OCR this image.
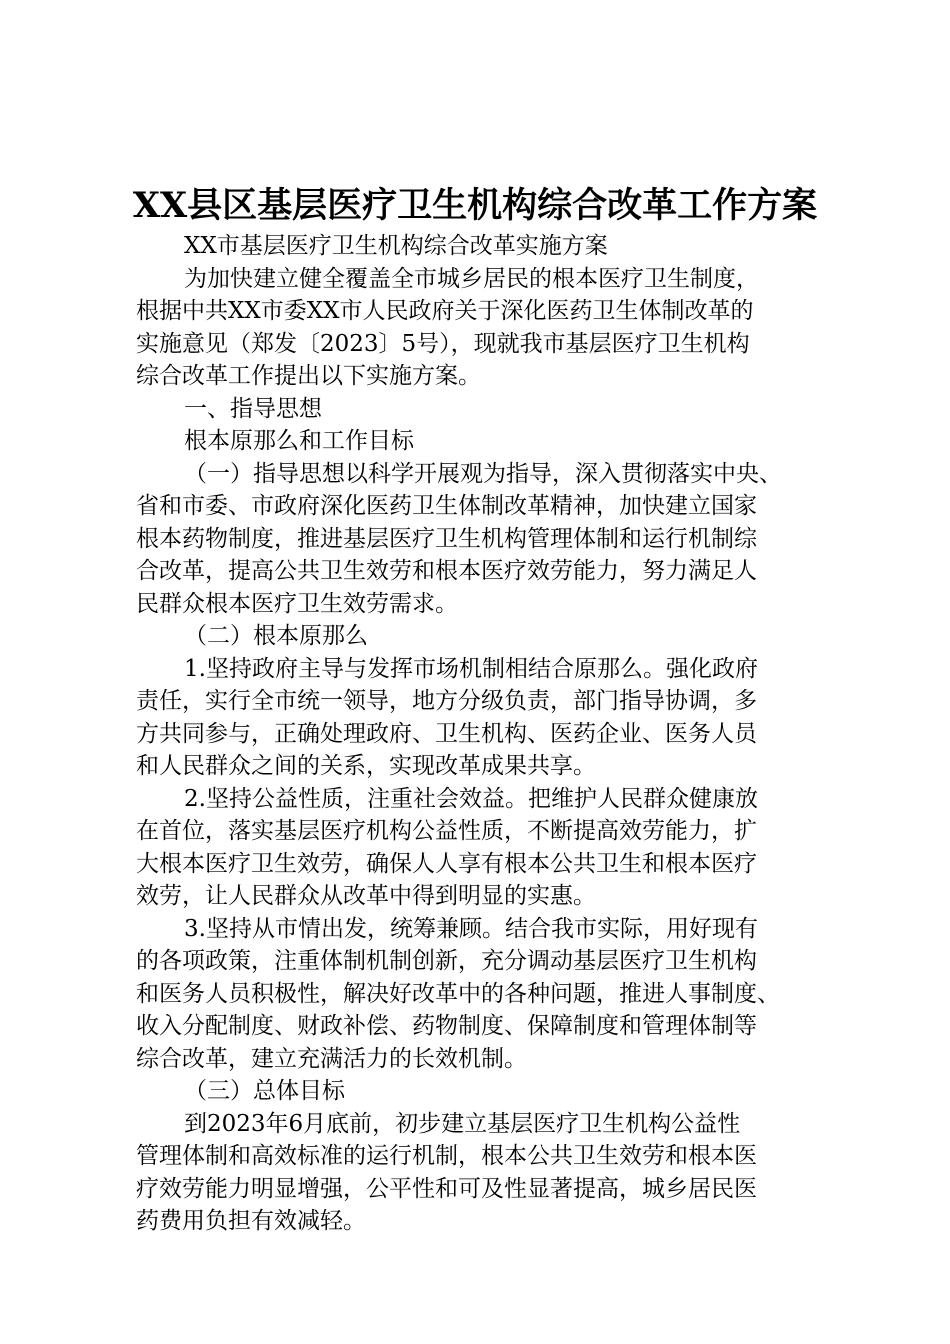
XX县区基层医疗卫生机构综合改革工作方案
XX市基层医疗卫生机构综合改革实施方案
为加快建立健全覆盖全市城乡居民的根本医疗卫生制度，
根据中共XX市委XX市人民政府关于深化医药卫生体制改革的
实施意见（郑发〔2023〕5号），现就我市基层医疗卫生机构
综合改革工作提出以下实施方案。
一、指导思想
根本原那么和工作目标
（一）指导思想以科学开展观为指导，深入贯彻落实中央、
省和市委、市政府深化医药卫生体制改革精神，加快建立国家
根本药物制度，推进基层医疗卫生机构管理体制和运行机制综
合改革，提高公共卫生效劳和根本医疗效劳能力，努力满足人
民群众根本医疗卫生效劳需求。
（二）根本原那么
1.坚持政府主导与发挥市场机制相结合原那么。强化政府
责任，实行全市统一领导，地方分级负责，部门指导协调，多
方共同参与，正确处理政府、卫生机构、医药企业、医务人员
和人民群众之间的关系，实现改革成果共享。
2.坚持公益性质，注重社会效益。把维护人民群众健康放
在首位，落实基层医疗机构公益性质，不断提高效劳能力，扩
大根本医疗卫生效劳，确保人人享有根本公共卫生和根本医疗
效劳，让人民群众从改革中得到明显的实惠。
3.坚持从市情出发，统筹兼顾。结合我市实际，用好现有
的各项政策，注重体制机制创新，充分调动基层医疗卫生机构
和医务人员积极性，解决好改革中的各种问题，推进人事制度、
收入分配制度、财政补偿、药物制度、保障制度和管理体制等
综合改革，建立充满活力的长效机制。
（三）总体目标
到2023年6月底前，初步建立基层医疗卫生机构公益性
管理体制和高效标准的运行机制，根本公共卫生效劳和根本医
疗效劳能力明显增强，公平性和可及性显著提高，城乡居民医
药费用负担有效减轻。
